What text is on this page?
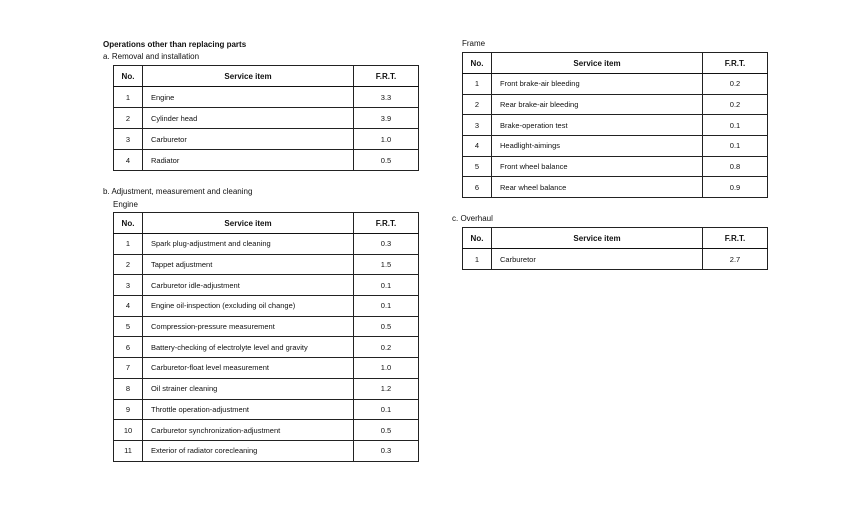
Operations other than replacing parts
a. Removal and installation
No.	Service item	F.R.T.
1	Engine	3.3
2	Cylinder head	3.9
3	Carburetor	1.0
4	Radiator	0.5
b. Adjustment, measurement and cleaning
Engine
No.	Service item	F.R.T.
1	Spark plug-adjustment and cleaning	0.3
2	Tappet adjustment	1.5
3	Carburetor idle-adjustment	0.1
4	Engine oil-inspection (excluding oil change)	0.1
5	Compression-pressure measurement	0.5
6	Battery-checking of electrolyte level and gravity	0.2
7	Carburetor-float level measurement	1.0
8	Oil strainer cleaning	1.2
9	Throttle operation-adjustment	0.1
10	Carburetor synchronization-adjustment	0.5
11	Exterior of radiator corecleaning	0.3
Frame
No.	Service item	F.R.T.
1	Front brake-air bleeding	0.2
2	Rear brake-air bleeding	0.2
3	Brake-operation test	0.1
4	Headlight-aimings	0.1
5	Front wheel balance	0.8
6	Rear wheel balance	0.9
c. Overhaul
No.	Service item	F.R.T.
1	Carburetor	2.7
